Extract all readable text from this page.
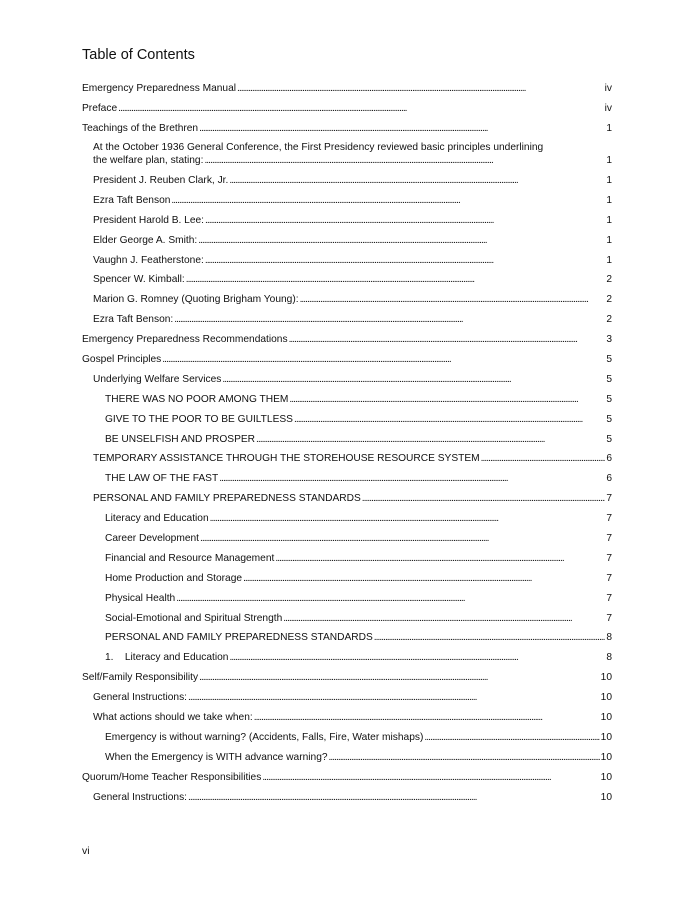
Table of Contents
Emergency Preparedness Manual . . .	iv
Preface . . .	iv
Teachings of the Brethren . . .	1
At the October 1936 General Conference, the First Presidency reviewed basic principles underlining
the welfare plan, stating: . . .	1
President J. Reuben Clark, Jr. . . .	1
Ezra Taft Benson . . .	1
President Harold B. Lee: . . .	1
Elder George A. Smith: . . .	1
Vaughn J. Featherstone: . . .	1
Spencer W. Kimball: . . .	2
Marion G. Romney (Quoting Brigham Young): . . .	2
Ezra Taft Benson: . . .	2
Emergency Preparedness Recommendations . . .	3
Gospel Principles . . .	5
Underlying Welfare Services . . .	5
THERE WAS NO POOR AMONG THEM . . .	5
GIVE TO THE POOR TO BE GUILTLESS . . .	5
BE UNSELFISH AND PROSPER . . .	5
TEMPORARY ASSISTANCE THROUGH THE STOREHOUSE RESOURCE SYSTEM . . .	6
THE LAW OF THE FAST . . .	6
PERSONAL AND FAMILY PREPAREDNESS STANDARDS . . .	7
Literacy and Education . . .	7
Career Development . . .	7
Financial and Resource Management . . .	7
Home Production and Storage . . .	7
Physical Health . . .	7
Social-Emotional and Spiritual Strength . . .	7
PERSONAL AND FAMILY PREPAREDNESS STANDARDS . . .	8
1.    Literacy and Education . . .	8
Self/Family Responsibility . . .	10
General Instructions: . . .	10
What actions should we take when: . . .	10
Emergency is without warning? (Accidents, Falls, Fire, Water mishaps) . . .	10
When the Emergency is WITH advance warning? . . .	10
Quorum/Home Teacher Responsibilities . . .	10
General Instructions: . . .	10
vi
